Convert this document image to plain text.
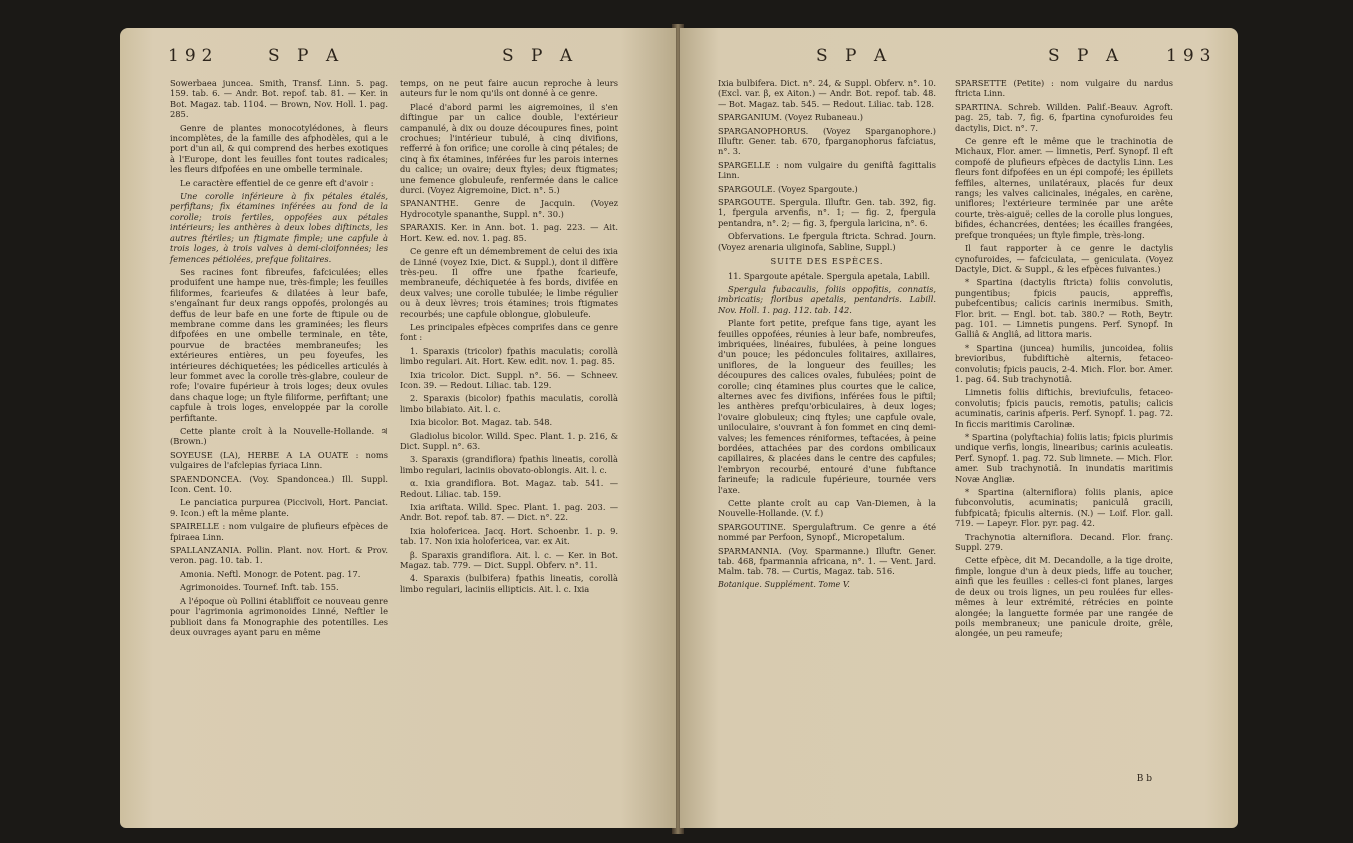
192	S P A	S P A

Sowerbaea juncea. Smith, Transf. Linn. 5. pag. 159. tab. 6. — Andr. Bot. repof. tab. 81. — Ker. in Bot. Magaz. tab. 1104. — Brown, Nov. Holl. 1. pag. 285.

Genre de plantes monocotylédones, à fleurs incomplètes, de la famille des afphodèles, qui a le port d'un ail, & qui comprend des herbes exotiques à l'Europe, dont les feuilles font toutes radicales; les fleurs difpofées en une ombelle terminale.

Le caractère effentiel de ce genre eft d'avoir :

Une corolle inférieure à fix pétales étalés, perfiftans; fix étamines inférées au fond de la corolle; trois fertiles, oppofées aux pétales intérieurs; les anthères à deux lobes diftincts, les autres ftériles; un ftigmate fimple; une capfule à trois loges, à trois valves à demi-cloifonnées; les femences pétiolées, prefque folitaires.

Ses racines font fibreufes, fafciculées; elles produifent une hampe nue, très-fimple; les feuilles filiformes, fcarieufes & dilatées à leur bafe, s'engaînant fur deux rangs oppofés, prolongés au deffus de leur bafe en une forte de ftipule ou de membrane comme dans les graminées; les fleurs difpofées en une ombelle terminale, en tête, pourvue de bractées membraneufes; les extérieures entières, un peu foyeufes, les intérieures déchiquetées; les pédicelles articulés à leur fommet avec la corolle très-glabre, couleur de rofe; l'ovaire fupérieur à trois loges; deux ovules dans chaque loge; un ftyle filiforme, perfiftant; une capfule à trois loges, enveloppée par la corolle perfiftante.

Cette plante croît à la Nouvelle-Hollande. ♃ (Brown.)

SOYEUSE (LA), HERBE A LA OUATE : noms vulgaires de l'afclepias fyriaca Linn.

SPAENDONCEA. (Voy. Spandoncea.) Ill. Suppl. Icon. Cent. 10.

Le panciatica purpurea (Piccivoli, Hort. Panciat. 9. Icon.) eft la même plante.

SPAIRELLE : nom vulgaire de plufieurs efpèces de fpiraea Linn.

SPALLANZANIA. Pollin. Plant. nov. Hort. & Prov. veron. pag. 10. tab. 1.

Amonia. Neftl. Monogr. de Potent. pag. 17.

Agrimonoides. Tournef. Inft. tab. 155.

A l'époque où Pollini établiffoit ce nouveau genre pour l'agrimonia agrimonoides Linné, Neftler le publioit dans fa Monographie des potentilles. Les deux ouvrages ayant paru en même

temps, on ne peut faire aucun reproche à leurs auteurs fur le nom qu'ils ont donné à ce genre.

Placé d'abord parmi les aigremoines, il s'en diftingue par un calice double, l'extérieur campanulé, à dix ou douze découpures fines, point crochues; l'intérieur tubulé, à cinq divifions, refferré à fon orifice; une corolle à cinq pétales; de cinq à fix étamines, inférées fur les parois internes du calice; un ovaire; deux ftyles; deux ftigmates; une femence globuleufe, renfermée dans le calice durci. (Voyez Aigremoine, Dict. n°. 5.)

SPANANTHE. Genre de Jacquin. (Voyez Hydrocotyle spananthe, Suppl. n°. 30.)

SPARAXIS. Ker. in Ann. bot. 1. pag. 223. — Ait. Hort. Kew. ed. nov. 1. pag. 85.

Ce genre eft un démembrement de celui des ixia de Linné (voyez Ixie, Dict. & Suppl.), dont il diffère très-peu. Il offre une fpathe fcarieufe, membraneufe, déchiquetée à fes bords, divifée en deux valves; une corolle tubulée; le limbe régulier ou à deux lèvres; trois étamines; trois ftigmates recourbés; une capfule oblongue, globuleufe.

Les principales efpèces comprifes dans ce genre font :

1. Sparaxis (tricolor) fpathis maculatis; corollà limbo regulari. Ait. Hort. Kew. edit. nov. 1. pag. 85.

Ixia tricolor. Dict. Suppl. n°. 56. — Schneev. Icon. 39. — Redout. Liliac. tab. 129.

2. Sparaxis (bicolor) fpathis maculatis, corollà limbo bilabiato. Ait. l. c.

Ixia bicolor. Bot. Magaz. tab. 548.

Gladiolus bicolor. Willd. Spec. Plant. 1. p. 216, & Dict. Suppl. n°. 63.

3. Sparaxis (grandiflora) fpathis lineatis, corollà limbo regulari, laciniis obovato-oblongis. Ait. l. c.

α. Ixia grandiflora. Bot. Magaz. tab. 541. — Redout. Liliac. tab. 159.

Ixia ariftata. Willd. Spec. Plant. 1. pag. 203. — Andr. Bot. repof. tab. 87. — Dict. n°. 22.

Ixia holofericea. Jacq. Hort. Schoenbr. 1. p. 9. tab. 17. Non ixia holofericea, var. ex Ait.

β. Sparaxis grandiflora. Ait. l. c. — Ker. in Bot. Magaz. tab. 779. — Dict. Suppl. Obferv. n°. 11.

4. Sparaxis (bulbifera) fpathis lineatis, corollà limbo regulari, laciniis ellipticis. Ait. l. c. Ixia

S P A	S P A 193

Ixia bulbifera. Dict. n°. 24, & Suppl. Obferv. n°. 10. (Excl. var. β, ex Aiton.) — Andr. Bot. repof. tab. 48. — Bot. Magaz. tab. 545. — Redout. Liliac. tab. 128.

SPARGANIUM. (Voyez Rubaneau.)

SPARGANOPHORUS. (Voyez Sparganophore.) Illuftr. Gener. tab. 670, fparganophorus fafciatus, n°. 3.

SPARGELLE : nom vulgaire du geniftâ fagittalis Linn.

SPARGOULE. (Voyez Spargoute.)

SPARGOUTE. Spergula. Illuftr. Gen. tab. 392, fig. 1, fpergula arvenfis, n°. 1; — fig. 2, fpergula pentandra, n°. 2; — fig. 3, fpergula laricina, n°. 6.

Obfervations. Le fpergula ftricta. Schrad. Journ. (Voyez arenaria uliginofa, Sabline, Suppl.)

SUITE DES ESPÈCES.

11. Spargoute apétale. Spergula apetala, Labill.

Spergula fubacaulis, foliis oppofitis, connatis, imbricatis; floribus apetalis, pentandris. Labill. Nov. Holl. 1. pag. 112. tab. 142.

Plante fort petite, prefque fans tige, ayant les feuilles oppofées, réunies à leur bafe, nombreufes, imbriquées, linéaires, fubulées, à peine longues d'un pouce; les pédoncules folitaires, axillaires, uniflores, de la longueur des feuilles; les découpures des calices ovales, fubulées; point de corolle; cinq étamines plus courtes que le calice, alternes avec fes divifions, inférées fous le piftil; les anthères prefqu'orbiculaires, à deux loges; l'ovaire globuleux; cinq ftyles; une capfule ovale, uniloculaire, s'ouvrant à fon fommet en cinq demi-valves; les femences réniformes, teftacées, à peine bordées, attachées par des cordons ombilicaux capillaires, & placées dans le centre des capfules; l'embryon recourbé, entouré d'une fubftance farineufe; la radicule fupérieure, tournée vers l'axe.

Cette plante croît au cap Van-Diemen, à la Nouvelle-Hollande. (V. f.)

SPARGOUTINE. Spergulaftrum. Ce genre a été nommé par Perfoon, Synopf., Micropetalum.

SPARMANNIA. (Voy. Sparmanne.) Illuftr. Gener. tab. 468, fparmannia africana, n°. 1. — Vent. Jard. Malm. tab. 78. — Curtis, Magaz. tab. 516.

Botanique. Supplément. Tome V.

SPARSETTE (Petite) : nom vulgaire du nardus ftricta Linn.

SPARTINA. Schreb. Willden. Palif.-Beauv. Agroft. pag. 25, tab. 7, fig. 6, fpartina cynofuroides feu dactylis, Dict. n°. 7.

Ce genre eft le même que le trachinotia de Michaux, Flor. amer. — limnetis, Perf. Synopf. Il eft compofé de plufieurs efpèces de dactylis Linn. Les fleurs font difpofées en un épi compofé; les épillets feffiles, alternes, unilatéraux, placés fur deux rangs; les valves calicinales, inégales, en carène, uniflores; l'extérieure terminée par une arête courte, très-aiguë; celles de la corolle plus longues, bifides, échancrées, dentées; les écailles frangées, prefque tronquées; un ftyle fimple, très-long.

Il faut rapporter à ce genre le dactylis cynofuroides, — fafciculata, — geniculata. (Voyez Dactyle, Dict. & Suppl., & les efpèces fuivantes.)

* Spartina (dactylis ftricta) foliis convolutis, pungentibus; fpicis paucis, appreffis, pubefcentibus; calicis carinis inermibus. Smith, Flor. brit. — Engl. bot. tab. 380.? — Roth, Beytr. pag. 101. — Limnetis pungens. Perf. Synopf. In Galliâ & Angliâ, ad littora maris.

* Spartina (juncea) humilis, juncoidea, foliis brevioribus, fubdiftichè alternis, fetaceo-convolutis; fpicis paucis, 2-4. Mich. Flor. bor. Amer. 1. pag. 64. Sub trachynotiâ.

Limnetis foliis diftichis, breviufculis, fetaceo-convolutis; fpicis paucis, remotis, patulis; calicis acuminatis, carinis afperis. Perf. Synopf. 1. pag. 72. In ficcis maritimis Carolinæ.

* Spartina (polyftachia) foliis latis; fpicis plurimis undique verfis, longis, linearibus; carinis aculeatis. Perf. Synopf. 1. pag. 72. Sub limnete. — Mich. Flor. amer. Sub trachynotiâ. In inundatis maritimis Novæ Angliæ.

* Spartina (alterniflora) foliis planis, apice fubconvolutis, acuminatis; paniculâ gracili, fubfpicatâ; fpiculis alternis. (N.) — Loif. Flor. gall. 719. — Lapeyr. Flor. pyr. pag. 42.

Trachynotia alterniflora. Decand. Flor. franç. Suppl. 279.

Cette efpèce, dit M. Decandolle, a la tige droite, fimple, longue d'un à deux pieds, liffe au toucher, ainfi que les feuilles : celles-ci font planes, larges de deux ou trois lignes, un peu roulées fur elles-mêmes à leur extrémité, rétrécies en pointe alongée; la languette formée par une rangée de poils membraneux; une panicule droite, grêle, alongée, un peu rameufe;

B b
